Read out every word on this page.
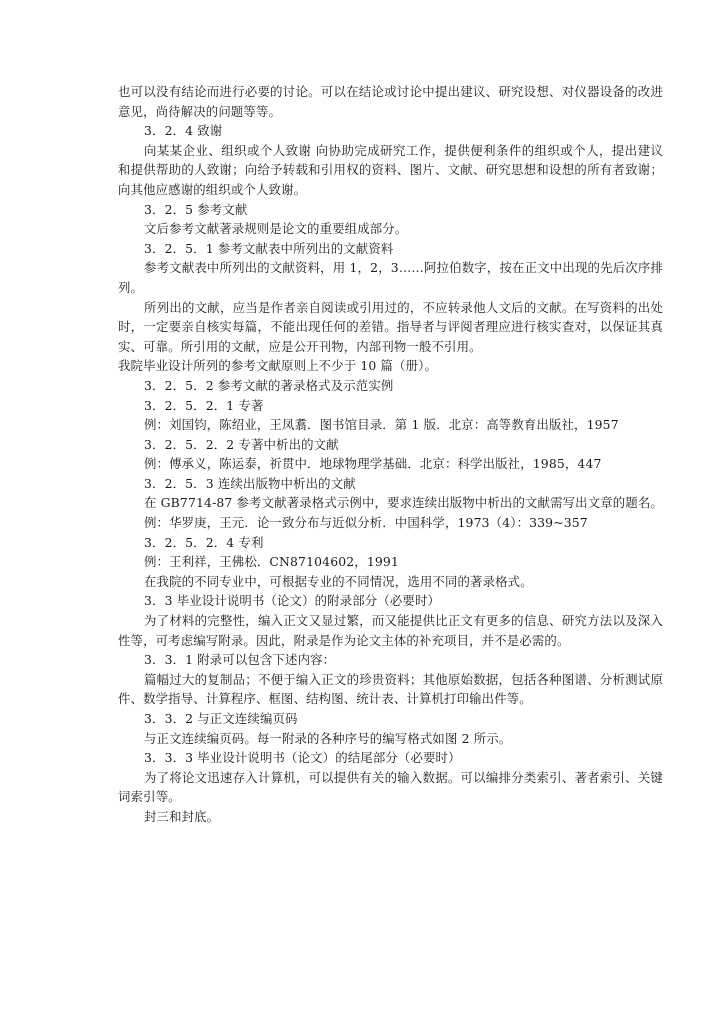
也可以没有结论而进行必要的讨论。可以在结论或讨论中提出建议、研究设想、对仪器设备的改进
意见，尚待解决的问题等等。
3．2．4 致谢
向某某企业、组织或个人致谢 向协助完成研究工作，提供便利条件的组织或个人，提出建议
和提供帮助的人致谢；向给予转载和引用权的资料、图片、文献、研究思想和设想的所有者致谢；
向其他应感谢的组织或个人致谢。
3．2．5 参考文献
文后参考文献著录规则是论文的重要组成部分。
3．2．5．1 参考文献表中所列出的文献资料
参考文献表中所列出的文献资料，用 1，2，3……阿拉伯数字，按在正文中出现的先后次序排
列。
所列出的文献，应当是作者亲自阅读或引用过的，不应转录他人文后的文献。在写资料的出处
时，一定要亲自核实每篇，不能出现任何的差错。指导者与评阅者理应进行核实查对，以保证其真
实、可靠。所引用的文献，应是公开刊物，内部刊物一般不引用。
我院毕业设计所列的参考文献原则上不少于 10 篇（册）。
3．2．5．2 参考文献的著录格式及示范实例
3．2．5．2．1 专著
例：刘国钧，陈绍业，王凤翥．图书馆目录．第 1 版．北京：高等教育出版社，1957
3．2．5．2．2 专著中析出的文献
例：傅承义，陈运泰，祈贯中．地球物理学基础．北京：科学出版社，1985，447
3．2．5．3 连续出版物中析出的文献
在 GB7714-87 参考文献著录格式示例中，要求连续出版物中析出的文献需写出文章的题名。
例：华罗庚，王元．论一致分布与近似分析．中国科学，1973（4）：339~357
3．2．5．2．4 专利
例：王利祥，王佛松．CN87104602，1991
在我院的不同专业中，可根据专业的不同情况，选用不同的著录格式。
3．3 毕业设计说明书（论文）的附录部分（必要时）
为了材料的完整性，编入正文又显过繁，而又能提供比正文有更多的信息、研究方法以及深入
性等，可考虑编写附录。因此，附录是作为论文主体的补充项目，并不是必需的。
3．3．1 附录可以包含下述内容：
篇幅过大的复制品；不便于编入正文的珍贵资料；其他原始数据，包括各种图谱、分析测试原
件、数学指导、计算程序、框图、结构图、统计表、计算机打印输出件等。
3．3．2 与正文连续编页码
与正文连续编页码。每一附录的各种序号的编写格式如图 2 所示。
3．3．3 毕业设计说明书（论文）的结尾部分（必要时）
为了将论文迅速存入计算机，可以提供有关的输入数据。可以编排分类索引、著者索引、关键
词索引等。
封三和封底。
